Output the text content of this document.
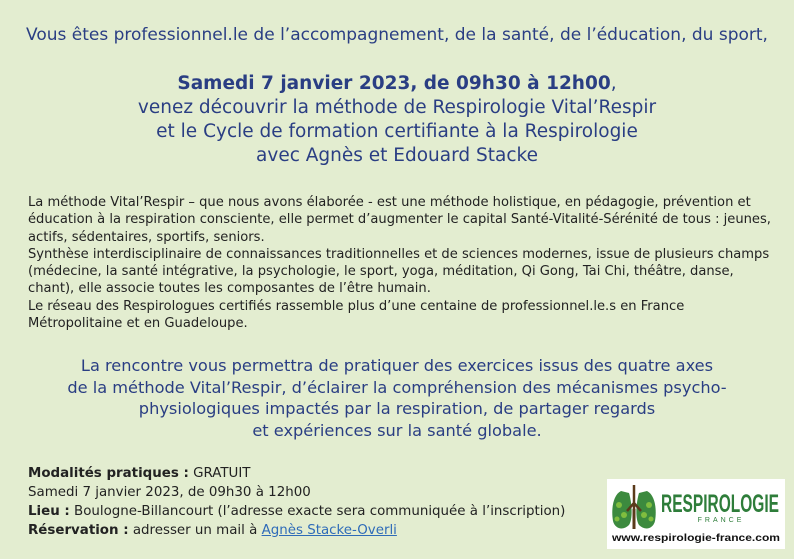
Vous êtes professionnel.le de l’accompagnement, de la santé, de l’éducation, du sport,
Samedi 7 janvier 2023, de 09h30 à 12h00,
venez découvrir la méthode de Respirologie Vital’Respir
et le Cycle de formation certifiante à la Respirologie
avec Agnès et Edouard Stacke

La méthode Vital’Respir – que nous avons élaborée - est une méthode holistique, en pédagogie, prévention et éducation à la respiration consciente, elle permet d’augmenter le capital Santé-Vitalité-Sérénité de tous : jeunes, actifs, sédentaires, sportifs, seniors.

Synthèse interdisciplinaire de connaissances traditionnelles et de sciences modernes, issue de plusieurs champs (médecine, la santé intégrative, la psychologie, le sport, yoga, méditation, Qi Gong, Tai Chi, théâtre, danse, chant), elle associe toutes les composantes de l’être humain.

Le réseau des Respirologues certifiés rassemble plus d’une centaine de professionnel.le.s en France Métropolitaine et en Guadeloupe.

La rencontre vous permettra de pratiquer des exercices issus des quatre axes
de la méthode Vital’Respir, d’éclairer la compréhension des mécanismes psycho-
physiologiques impactés par la respiration, de partager regards
et expériences sur la santé globale.

Modalités pratiques : GRATUIT

Samedi 7 janvier 2023, de 09h30 à 12h00

Lieu : Boulogne-Billancourt (l’adresse exacte sera communiquée à l’inscription)

Réservation : adresser un mail à Agnès Stacke-Overli

RESPIROLOGIE
FRANCE
www.respirologie-france.com
